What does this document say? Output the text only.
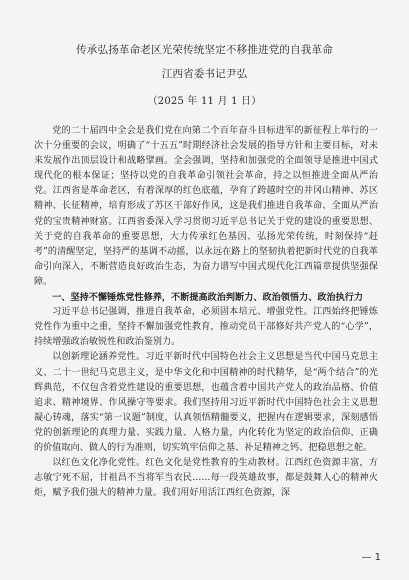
传承弘扬革命老区光荣传统坚定不移推进党的自我革命
江西省委书记尹弘
（2025 年 11 月 1 日）

党的二十届四中全会是我们党在向第二个百年奋斗目标进军的新征程上举行的一次十分重要的会议，明确了“十五五”时期经济社会发展的指导方针和主要目标，对未来发展作出顶层设计和战略擘画。全会强调，坚持和加强党的全面领导是推进中国式现代化的根本保证；坚持以党的自我革命引领社会革命，持之以恒推进全面从严治党。江西省是革命老区，有着深厚的红色底蕴，孕育了跨越时空的井冈山精神、苏区精神、长征精神，培育形成了苏区干部好作风，这是我们推进自我革命、全面从严治党的宝贵精神财富。江西省委深入学习贯彻习近平总书记关于党的建设的重要思想、关于党的自我革命的重要思想，大力传承红色基因、弘扬光荣传统，时刻保持“赶考”的清醒坚定，坚持严的基调不动摇，以永远在路上的坚韧执着把新时代党的自我革命引向深入，不断营造良好政治生态，为奋力谱写中国式现代化江西篇章提供坚强保障。

一、坚持不懈锤炼党性修养，不断提高政治判断力、政治领悟力、政治执行力

习近平总书记强调，推进自我革命，必须固本培元、增强党性。江西始终把锤炼党性作为重中之重，坚持不懈加强党性教育，推动党员干部修好共产党人的“心学”，持续增强政治敏锐性和政治鉴别力。

以创新理论涵养党性。习近平新时代中国特色社会主义思想是当代中国马克思主义、二十一世纪马克思主义，是中华文化和中国精神的时代精华，是“两个结合”的光辉典范，不仅包含着党性建设的重要思想，也蕴含着中国共产党人的政治品格、价值追求、精神境界、作风操守等要求。我们坚持用习近平新时代中国特色社会主义思想凝心铸魂，落实“第一议题”制度，认真领悟精髓要义，把握内在逻辑要求，深刻感悟党的创新理论的真理力量、实践力量、人格力量，内化转化为坚定的政治信仰、正确的价值取向、做人的行为准则，切实筑牢信仰之基、补足精神之钙、把稳思想之舵。

以红色文化净化党性。红色文化是党性教育的生动教材。江西红色资源丰富，方志敏宁死不屈，甘祖昌不当将军当农民……每一段英雄故事，都是鼓舞人心的精神火炬，赋予我们强大的精神力量。我们用好用活江西红色资源，深

— 1
